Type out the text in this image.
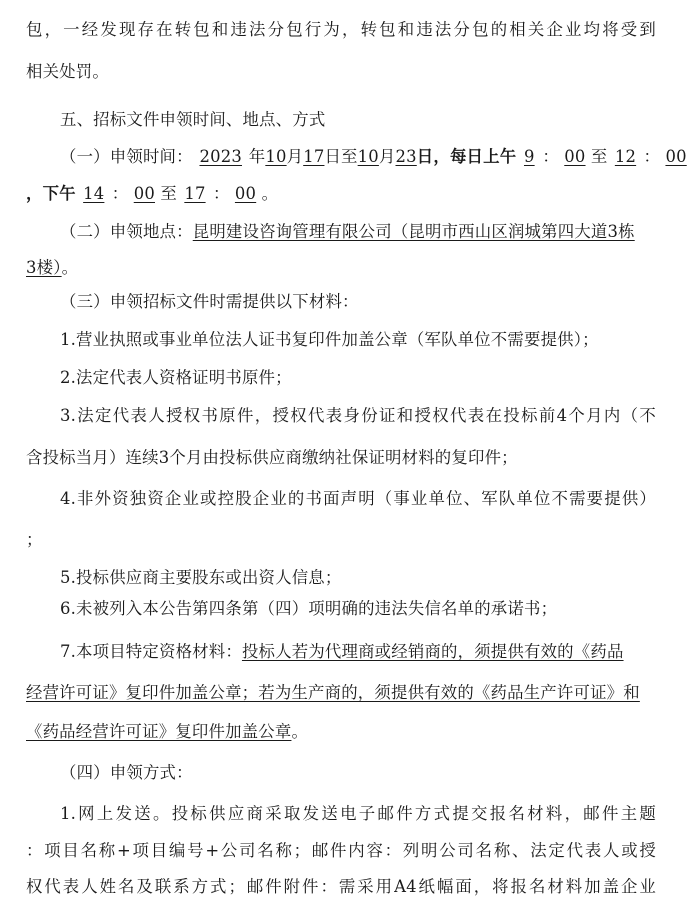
包，一经发现存在转包和违法分包行为，转包和违法分包的相关企业均将受到
相关处罚。
五、招标文件申领时间、地点、方式
（一）申领时间： 2023 年10月17日至10月23日，每日上午 9 ： 00 至 12 ： 00
，下午 14 ： 00 至 17 ： 00 。
（二）申领地点：昆明建设咨询管理有限公司（昆明市西山区润城第四大道3栋
3楼）。
（三）申领招标文件时需提供以下材料：
1.营业执照或事业单位法人证书复印件加盖公章（军队单位不需要提供）；
2.法定代表人资格证明书原件；
3.法定代表人授权书原件，授权代表身份证和授权代表在投标前4个月内（不
含投标当月）连续3个月由投标供应商缴纳社保证明材料的复印件；
4.非外资独资企业或控股企业的书面声明（事业单位、军队单位不需要提供）
；
5.投标供应商主要股东或出资人信息；
6.未被列入本公告第四条第（四）项明确的违法失信名单的承诺书；
7.本项目特定资格材料：投标人若为代理商或经销商的，须提供有效的《药品
经营许可证》复印件加盖公章；若为生产商的，须提供有效的《药品生产许可证》和
《药品经营许可证》复印件加盖公章。
（四）申领方式：
1.网上发送。投标供应商采取发送电子邮件方式提交报名材料，邮件主题
：项目名称+项目编号+公司名称；邮件内容：列明公司名称、法定代表人或授
权代表人姓名及联系方式；邮件附件：需采用A4纸幅面，将报名材料加盖企业
